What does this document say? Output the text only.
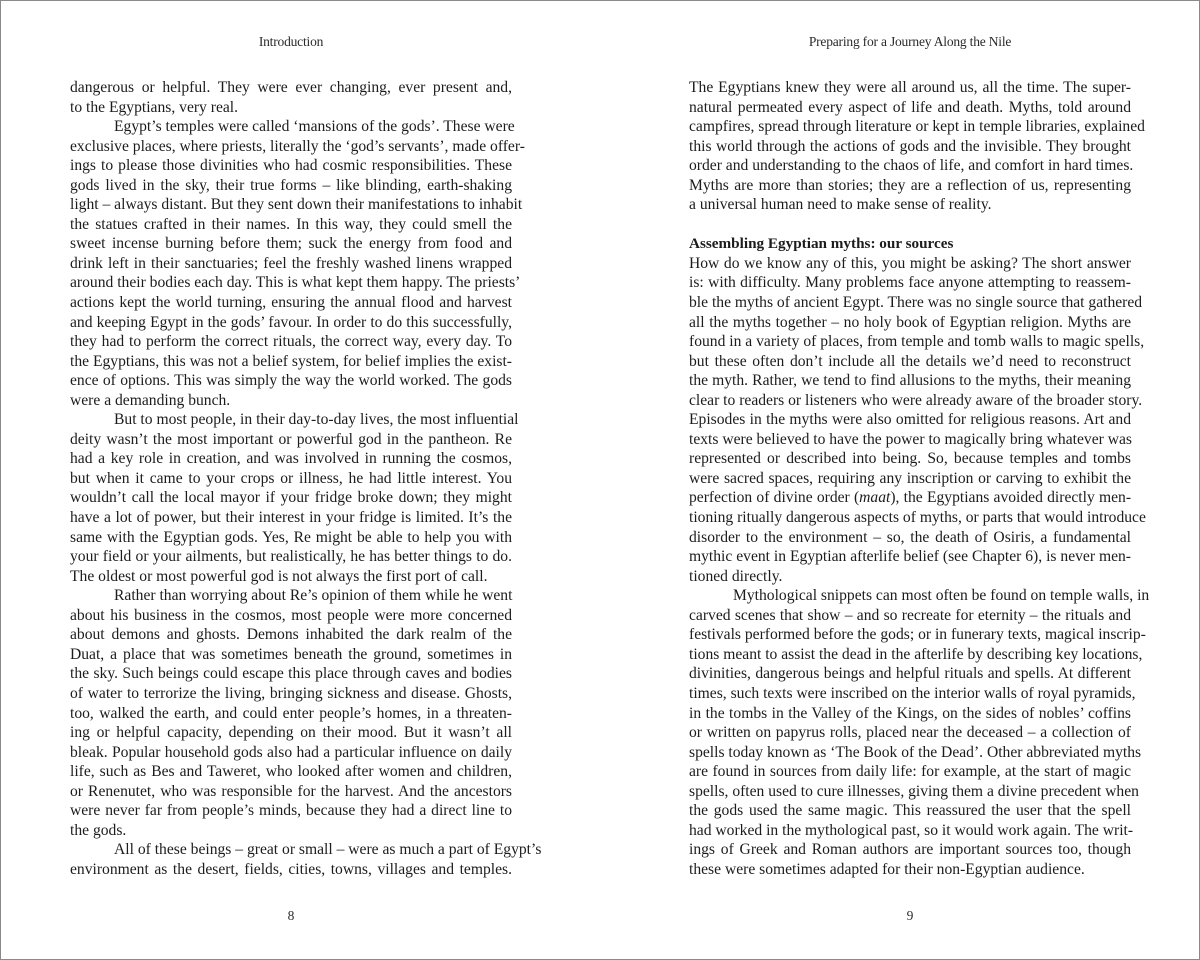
Introduction
dangerous or helpful. They were ever changing, ever present and,
to the Egyptians, very real.
Egypt’s temples were called ‘mansions of the gods’. These were
exclusive places, where priests, literally the ‘god’s servants’, made offer-
ings to please those divinities who had cosmic responsibilities. These
gods lived in the sky, their true forms – like blinding, earth-shaking
light – always distant. But they sent down their manifestations to inhabit
the statues crafted in their names. In this way, they could smell the
sweet incense burning before them; suck the energy from food and
drink left in their sanctuaries; feel the freshly washed linens wrapped
around their bodies each day. This is what kept them happy. The priests’
actions kept the world turning, ensuring the annual flood and harvest
and keeping Egypt in the gods’ favour. In order to do this successfully,
they had to perform the correct rituals, the correct way, every day. To
the Egyptians, this was not a belief system, for belief implies the exist-
ence of options. This was simply the way the world worked. The gods
were a demanding bunch.
But to most people, in their day-to-day lives, the most influential
deity wasn’t the most important or powerful god in the pantheon. Re
had a key role in creation, and was involved in running the cosmos,
but when it came to your crops or illness, he had little interest. You
wouldn’t call the local mayor if your fridge broke down; they might
have a lot of power, but their interest in your fridge is limited. It’s the
same with the Egyptian gods. Yes, Re might be able to help you with
your field or your ailments, but realistically, he has better things to do.
The oldest or most powerful god is not always the first port of call.
Rather than worrying about Re’s opinion of them while he went
about his business in the cosmos, most people were more concerned
about demons and ghosts. Demons inhabited the dark realm of the
Duat, a place that was sometimes beneath the ground, sometimes in
the sky. Such beings could escape this place through caves and bodies
of water to terrorize the living, bringing sickness and disease. Ghosts,
too, walked the earth, and could enter people’s homes, in a threaten-
ing or helpful capacity, depending on their mood. But it wasn’t all
bleak. Popular household gods also had a particular influence on daily
life, such as Bes and Taweret, who looked after women and children,
or Renenutet, who was responsible for the harvest. And the ancestors
were never far from people’s minds, because they had a direct line to
the gods.
All of these beings – great or small – were as much a part of Egypt’s
environment as the desert, fields, cities, towns, villages and temples.
8
Preparing for a Journey Along the Nile
The Egyptians knew they were all around us, all the time. The super-
natural permeated every aspect of life and death. Myths, told around
campfires, spread through literature or kept in temple libraries, explained
this world through the actions of gods and the invisible. They brought
order and understanding to the chaos of life, and comfort in hard times.
Myths are more than stories; they are a reflection of us, representing
a universal human need to make sense of reality.
Assembling Egyptian myths: our sources
How do we know any of this, you might be asking? The short answer
is: with difficulty. Many problems face anyone attempting to reassem-
ble the myths of ancient Egypt. There was no single source that gathered
all the myths together – no holy book of Egyptian religion. Myths are
found in a variety of places, from temple and tomb walls to magic spells,
but these often don’t include all the details we’d need to reconstruct
the myth. Rather, we tend to find allusions to the myths, their meaning
clear to readers or listeners who were already aware of the broader story.
Episodes in the myths were also omitted for religious reasons. Art and
texts were believed to have the power to magically bring whatever was
represented or described into being. So, because temples and tombs
were sacred spaces, requiring any inscription or carving to exhibit the
perfection of divine order (maat), the Egyptians avoided directly men-
tioning ritually dangerous aspects of myths, or parts that would introduce
disorder to the environment – so, the death of Osiris, a fundamental
mythic event in Egyptian afterlife belief (see Chapter 6), is never men-
tioned directly.
Mythological snippets can most often be found on temple walls, in
carved scenes that show – and so recreate for eternity – the rituals and
festivals performed before the gods; or in funerary texts, magical inscrip-
tions meant to assist the dead in the afterlife by describing key locations,
divinities, dangerous beings and helpful rituals and spells. At different
times, such texts were inscribed on the interior walls of royal pyramids,
in the tombs in the Valley of the Kings, on the sides of nobles’ coffins
or written on papyrus rolls, placed near the deceased – a collection of
spells today known as ‘The Book of the Dead’. Other abbreviated myths
are found in sources from daily life: for example, at the start of magic
spells, often used to cure illnesses, giving them a divine precedent when
the gods used the same magic. This reassured the user that the spell
had worked in the mythological past, so it would work again. The writ-
ings of Greek and Roman authors are important sources too, though
these were sometimes adapted for their non-Egyptian audience.
9
